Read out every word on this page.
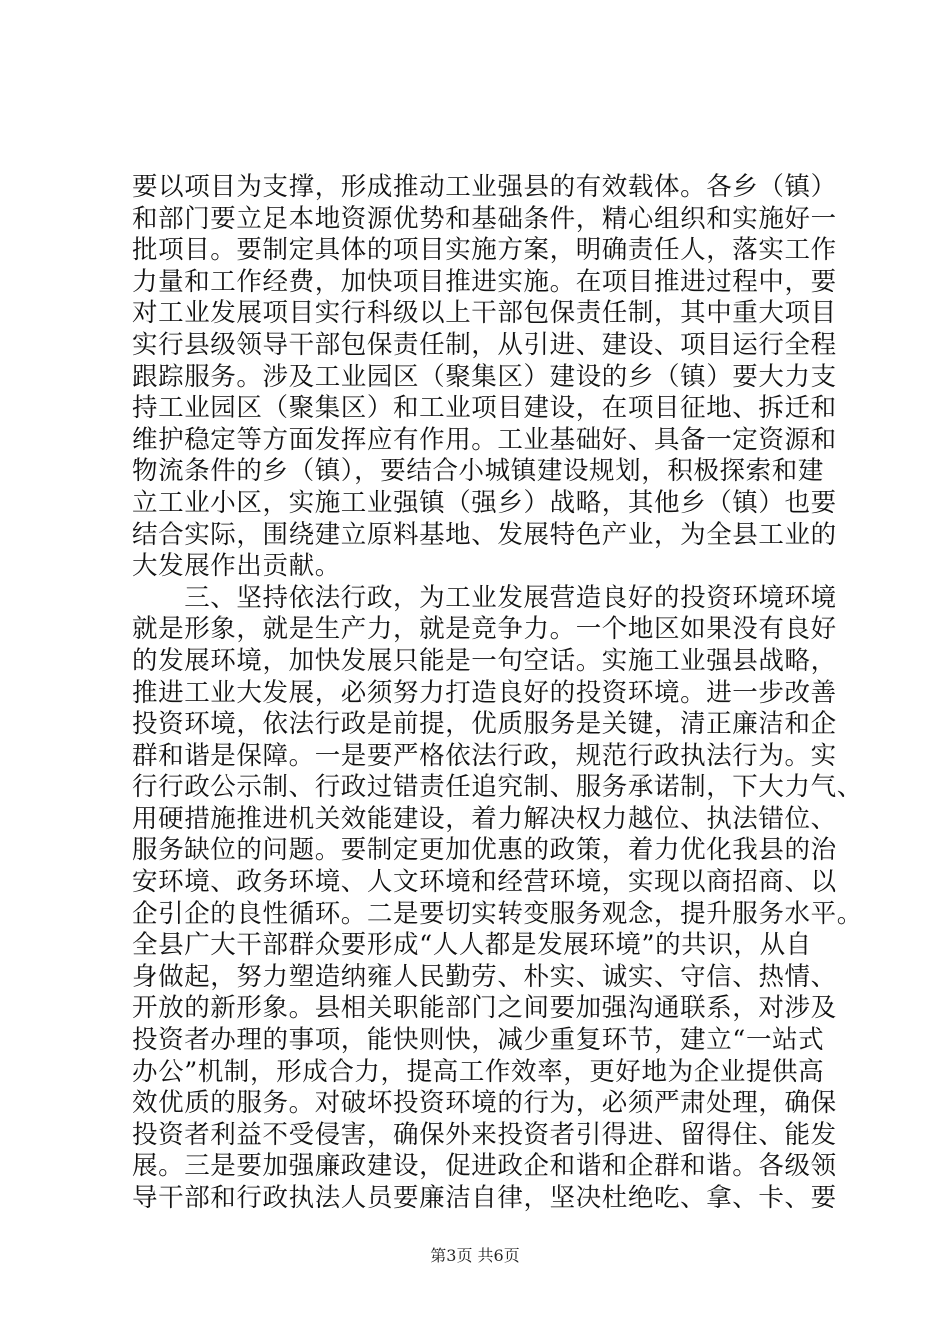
要以项目为支撑，形成推动工业强县的有效载体。各乡（镇）
和部门要立足本地资源优势和基础条件，精心组织和实施好一
批项目。要制定具体的项目实施方案，明确责任人，落实工作
力量和工作经费，加快项目推进实施。在项目推进过程中，要
对工业发展项目实行科级以上干部包保责任制，其中重大项目
实行县级领导干部包保责任制，从引进、建设、项目运行全程
跟踪服务。涉及工业园区（聚集区）建设的乡（镇）要大力支
持工业园区（聚集区）和工业项目建设，在项目征地、拆迁和
维护稳定等方面发挥应有作用。工业基础好、具备一定资源和
物流条件的乡（镇），要结合小城镇建设规划，积极探索和建
立工业小区，实施工业强镇（强乡）战略，其他乡（镇）也要
结合实际，围绕建立原料基地、发展特色产业，为全县工业的
大发展作出贡献。
　　三、坚持依法行政，为工业发展营造良好的投资环境环境
就是形象，就是生产力，就是竞争力。一个地区如果没有良好
的发展环境，加快发展只能是一句空话。实施工业强县战略，
推进工业大发展，必须努力打造良好的投资环境。进一步改善
投资环境，依法行政是前提，优质服务是关键，清正廉洁和企
群和谐是保障。一是要严格依法行政，规范行政执法行为。实
行行政公示制、行政过错责任追究制、服务承诺制，下大力气、
用硬措施推进机关效能建设，着力解决权力越位、执法错位、
服务缺位的问题。要制定更加优惠的政策，着力优化我县的治
安环境、政务环境、人文环境和经营环境，实现以商招商、以
企引企的良性循环。二是要切实转变服务观念，提升服务水平。
全县广大干部群众要形成“人人都是发展环境”的共识，从自
身做起，努力塑造纳雍人民勤劳、朴实、诚实、守信、热情、
开放的新形象。县相关职能部门之间要加强沟通联系，对涉及
投资者办理的事项，能快则快，减少重复环节，建立“一站式
办公”机制，形成合力，提高工作效率，更好地为企业提供高
效优质的服务。对破坏投资环境的行为，必须严肃处理，确保
投资者利益不受侵害，确保外来投资者引得进、留得住、能发
展。三是要加强廉政建设，促进政企和谐和企群和谐。各级领
导干部和行政执法人员要廉洁自律，坚决杜绝吃、拿、卡、要
第3页 共6页
